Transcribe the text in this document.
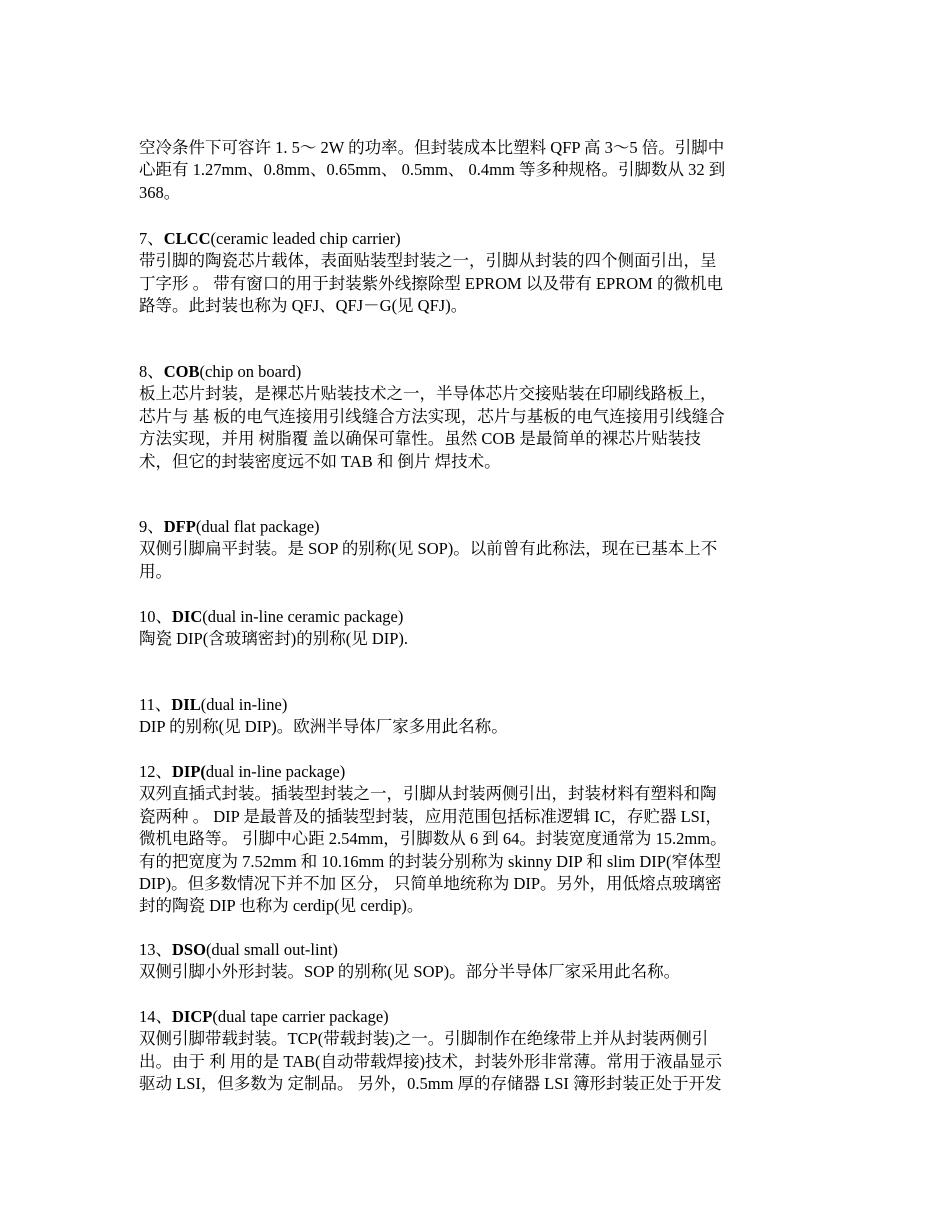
空冷条件下可容许 1. 5～ 2W 的功率。但封装成本比塑料 QFP 高 3～5 倍。引脚中
心距有 1.27mm、0.8mm、0.65mm、 0.5mm、 0.4mm 等多种规格。引脚数从 32 到
368。
7、CLCC(ceramic leaded chip carrier)
带引脚的陶瓷芯片载体，表面贴装型封装之一，引脚从封装的四个侧面引出，呈
丁字形 。 带有窗口的用于封装紫外线擦除型 EPROM 以及带有 EPROM 的微机电
路等。此封装也称为 QFJ、QFJ－G(见 QFJ)。
8、COB(chip on board)
板上芯片封装，是裸芯片贴装技术之一，半导体芯片交接贴装在印刷线路板上，
芯片与 基 板的电气连接用引线缝合方法实现，芯片与基板的电气连接用引线缝合
方法实现，并用 树脂覆 盖以确保可靠性。虽然 COB 是最简单的裸芯片贴装技
术，但它的封装密度远不如 TAB 和 倒片 焊技术。
9、DFP(dual flat package)
双侧引脚扁平封装。是 SOP 的别称(见 SOP)。以前曾有此称法，现在已基本上不
用。
10、DIC(dual in-line ceramic package)
陶瓷 DIP(含玻璃密封)的别称(见 DIP).
11、DIL(dual in-line)
DIP 的别称(见 DIP)。欧洲半导体厂家多用此名称。
12、DIP(dual in-line package)
双列直插式封装。插装型封装之一，引脚从封装两侧引出，封装材料有塑料和陶
瓷两种 。 DIP 是最普及的插装型封装，应用范围包括标准逻辑 IC，存贮器 LSI，
微机电路等。 引脚中心距 2.54mm，引脚数从 6 到 64。封装宽度通常为 15.2mm。
有的把宽度为 7.52mm 和 10.16mm 的封装分别称为 skinny DIP 和 slim DIP(窄体型
DIP)。但多数情况下并不加 区分， 只简单地统称为 DIP。另外，用低熔点玻璃密
封的陶瓷 DIP 也称为 cerdip(见 cerdip)。
13、DSO(dual small out-lint)
双侧引脚小外形封装。SOP 的别称(见 SOP)。部分半导体厂家采用此名称。
14、DICP(dual tape carrier package)
双侧引脚带载封装。TCP(带载封装)之一。引脚制作在绝缘带上并从封装两侧引
出。由于 利 用的是 TAB(自动带载焊接)技术，封装外形非常薄。常用于液晶显示
驱动 LSI，但多数为 定制品。 另外，0.5mm 厚的存储器 LSI 簿形封装正处于开发
